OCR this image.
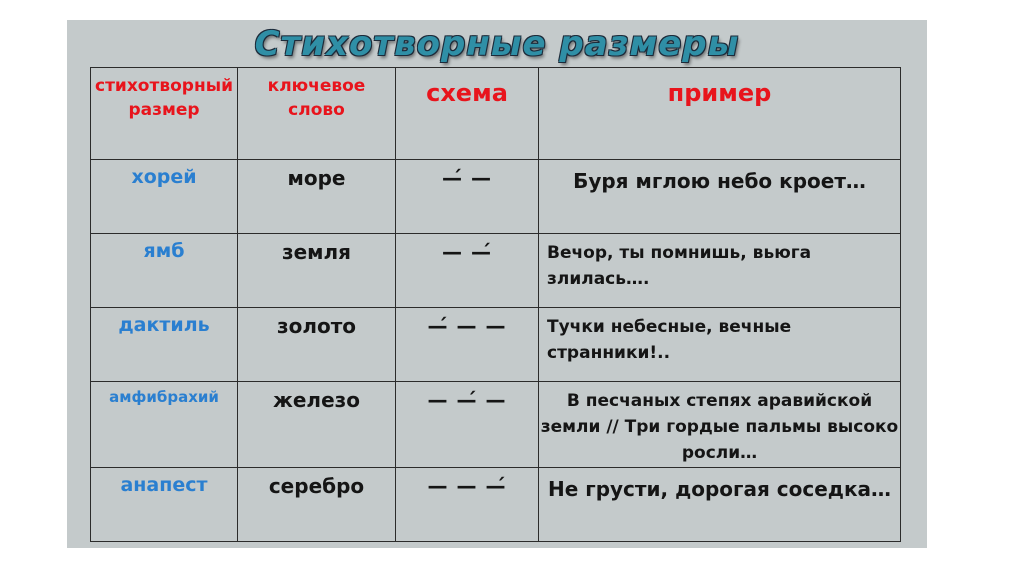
Стихотворные размеры
стихотворный размер	ключевое слово	схема	пример
хорей	море	—́ —	Буря мглою небо кроет…
ямб	земля	— —́	Вечор, ты помнишь, вьюга злилась….
дактиль	золото	—́ — —	Тучки небесные, вечные странники!..
амфибрахий	железо	— —́ —	В песчаных степях аравийской земли // Три гордые пальмы высоко росли…
анапест	серебро	— — —́	Не грусти, дорогая соседка…
